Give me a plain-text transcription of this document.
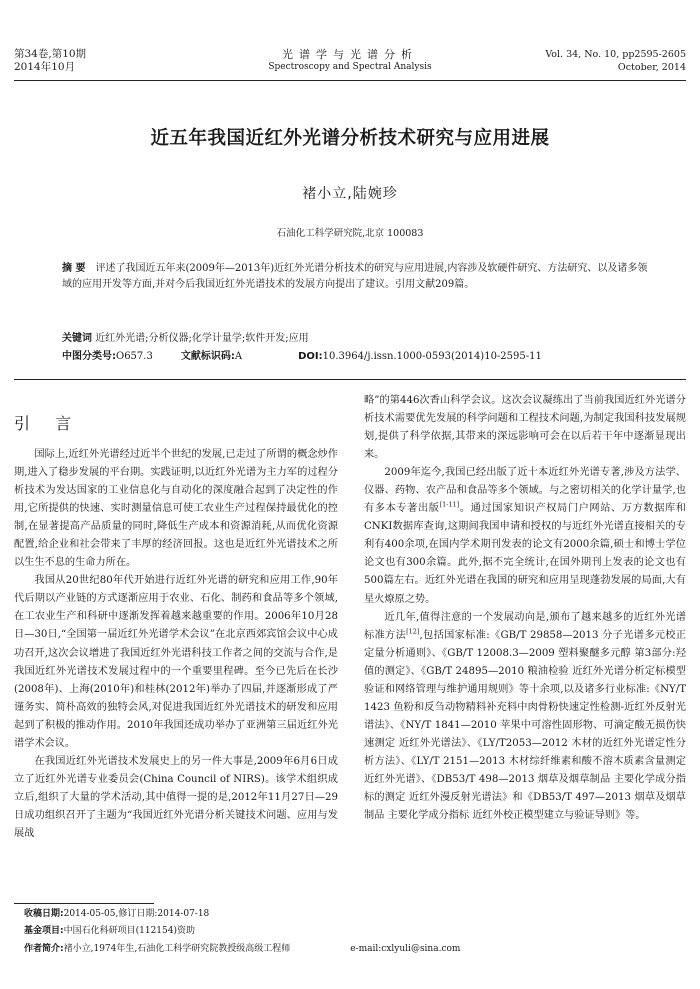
第34卷,第10期
2014年10月
光谱学与光谱分析
Spectroscopy and Spectral Analysis
Vol. 34, No. 10, pp2595-2605
October, 2014
近五年我国近红外光谱分析技术研究与应用进展
褚小立,陆婉珍
石油化工科学研究院,北京 100083
摘 要 评述了我国近五年来(2009年—2013年)近红外光谱分析技术的研究与应用进展,内容涉及软硬件研究、方法研究、以及诸多领域的应用开发等方面,并对今后我国近红外光谱技术的发展方向提出了建议。引用文献209篇。
关键词 近红外光谱;分析仪器;化学计量学;软件开发;应用
中图分类号:O657.3	文献标识码:A	DOI:10.3964/j.issn.1000-0593(2014)10-2595-11
引 言

国际上,近红外光谱经过近半个世纪的发展,已走过了所谓的概念炒作期,进入了稳步发展的平台期。实践证明,以近红外光谱为主力军的过程分析技术为发达国家的工业信息化与自动化的深度融合起到了决定性的作用,它所提供的快速、实时测量信息可使工农业生产过程保持最优化的控制,在显著提高产品质量的同时,降低生产成本和资源消耗,从而优化资源配置,给企业和社会带来了丰厚的经济回报。这也是近红外光谱技术之所以生生不息的生命力所在。

我国从20世纪80年代开始进行近红外光谱的研究和应用工作,90年代后期以产业链的方式逐渐应用于农业、石化、制药和食品等多个领域,在工农业生产和科研中逐渐发挥着越来越重要的作用。2006年10月28日—30日,“全国第一届近红外光谱学术会议”在北京西郊宾馆会议中心成功召开,这次会议增进了我国近红外光谱科技工作者之间的交流与合作,是我国近红外光谱技术发展过程中的一个重要里程碑。至今已先后在长沙(2008年)、上海(2010年)和桂林(2012年)举办了四届,并逐渐形成了严谨务实、简朴高效的独特会风,对促进我国近红外光谱技术的研发和应用起到了积极的推动作用。2010年我国还成功举办了亚洲第三届近红外光谱学术会议。

在我国近红外光谱技术发展史上的另一件大事是,2009年6月6日成立了近红外光谱专业委员会(China Council of NIRS)。该学术组织成立后,组织了大量的学术活动,其中值得一提的是,2012年11月27日—29日成功组织召开了主题为“我国近红外光谱分析关键技术问题、应用与发展战

略”的第446次香山科学会议。这次会议凝练出了当前我国近红外光谱分析技术需要优先发展的科学问题和工程技术问题,为制定我国科技发展规划,提供了科学依据,其带来的深远影响可会在以后若干年中逐渐显现出来。

2009年迄今,我国已经出版了近十本近红外光谱专著,涉及方法学、仪器、药物、农产品和食品等多个领域。与之密切相关的化学计量学,也有多本专著出版[1-11]。通过国家知识产权局门户网站、万方数据库和CNKI数据库查询,这期间我国申请和授权的与近红外光谱直接相关的专利有400余项,在国内学术期刊发表的论文有2000余篇,硕士和博士学位论文也有300余篇。此外,据不完全统计,在国外期刊上发表的论文也有500篇左右。近红外光谱在我国的研究和应用呈现蓬勃发展的局面,大有星火燎原之势。

近几年,值得注意的一个发展动向是,颁布了越来越多的近红外光谱标准方法[12],包括国家标准:《GB/T 29858—2013 分子光谱多元校正定量分析通则》、《GB/T 12008.3—2009 塑料聚醚多元醇 第3部分:羟值的测定》、《GB/T 24895—2010 粮油检验 近红外光谱分析定标模型验证和网络管理与维护通用规则》等十余项,以及诸多行业标准:《NY/T 1423 鱼粉和反刍动物精料补充料中肉骨粉快速定性检测-近红外反射光谱法》、《NY/T 1841—2010 苹果中可溶性固形物、可滴定酸无损伤快速测定 近红外光谱法》、《LY/T2053—2012 木材的近红外光谱定性分析方法》、《LY/T 2151—2013 木材综纤维素和酸不溶木质素含量测定近红外光谱》、《DB53/T 498—2013 烟草及烟草制品 主要化学成分指标的测定 近红外漫反射光谱法》和《DB53/T 497—2013 烟草及烟草制品 主要化学成分指标 近红外校正模型建立与验证导则》等。

收稿日期:2014-05-05,修订日期:2014-07-18
基金项目:中国石化科研项目(112154)资助
作者简介:褚小立,1974年生,石油化工科学研究院教授级高级工程师	e-mail:cxlyuli@sina.com
